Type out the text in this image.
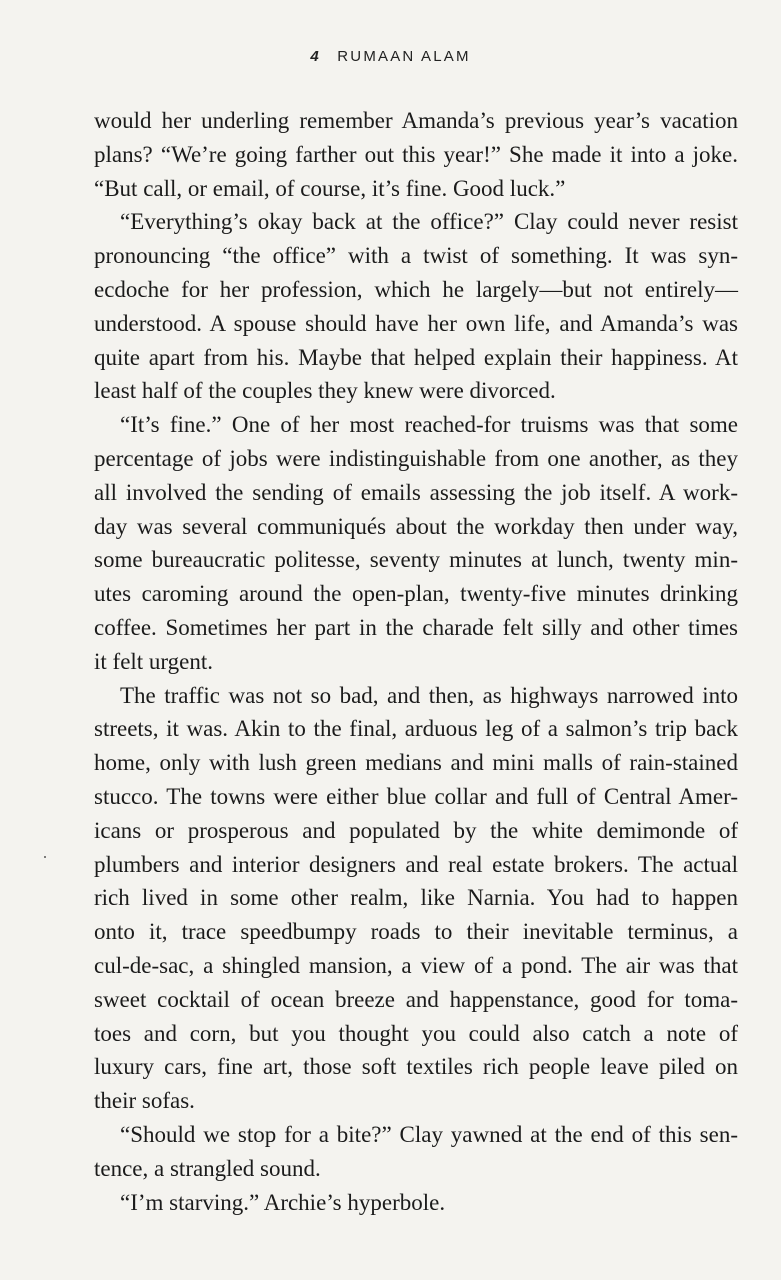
4 RUMAAN ALAM
would her underling remember Amanda’s previous year’s vacation
plans? “We’re going farther out this year!” She made it into a joke.
“But call, or email, of course, it’s fine. Good luck.”
“Everything’s okay back at the office?” Clay could never resist
pronouncing “the office” with a twist of something. It was syn-
ecdoche for her profession, which he largely—but not entirely—
understood. A spouse should have her own life, and Amanda’s was
quite apart from his. Maybe that helped explain their happiness. At
least half of the couples they knew were divorced.
“It’s fine.” One of her most reached-for truisms was that some
percentage of jobs were indistinguishable from one another, as they
all involved the sending of emails assessing the job itself. A work-
day was several communiqués about the workday then under way,
some bureaucratic politesse, seventy minutes at lunch, twenty min-
utes caroming around the open-plan, twenty-five minutes drinking
coffee. Sometimes her part in the charade felt silly and other times
it felt urgent.
The traffic was not so bad, and then, as highways narrowed into
streets, it was. Akin to the final, arduous leg of a salmon’s trip back
home, only with lush green medians and mini malls of rain-stained
stucco. The towns were either blue collar and full of Central Amer-
icans or prosperous and populated by the white demimonde of
plumbers and interior designers and real estate brokers. The actual
rich lived in some other realm, like Narnia. You had to happen
onto it, trace speedbumpy roads to their inevitable terminus, a
cul-de-sac, a shingled mansion, a view of a pond. The air was that
sweet cocktail of ocean breeze and happenstance, good for toma-
toes and corn, but you thought you could also catch a note of
luxury cars, fine art, those soft textiles rich people leave piled on
their sofas.
“Should we stop for a bite?” Clay yawned at the end of this sen-
tence, a strangled sound.
“I’m starving.” Archie’s hyperbole.
